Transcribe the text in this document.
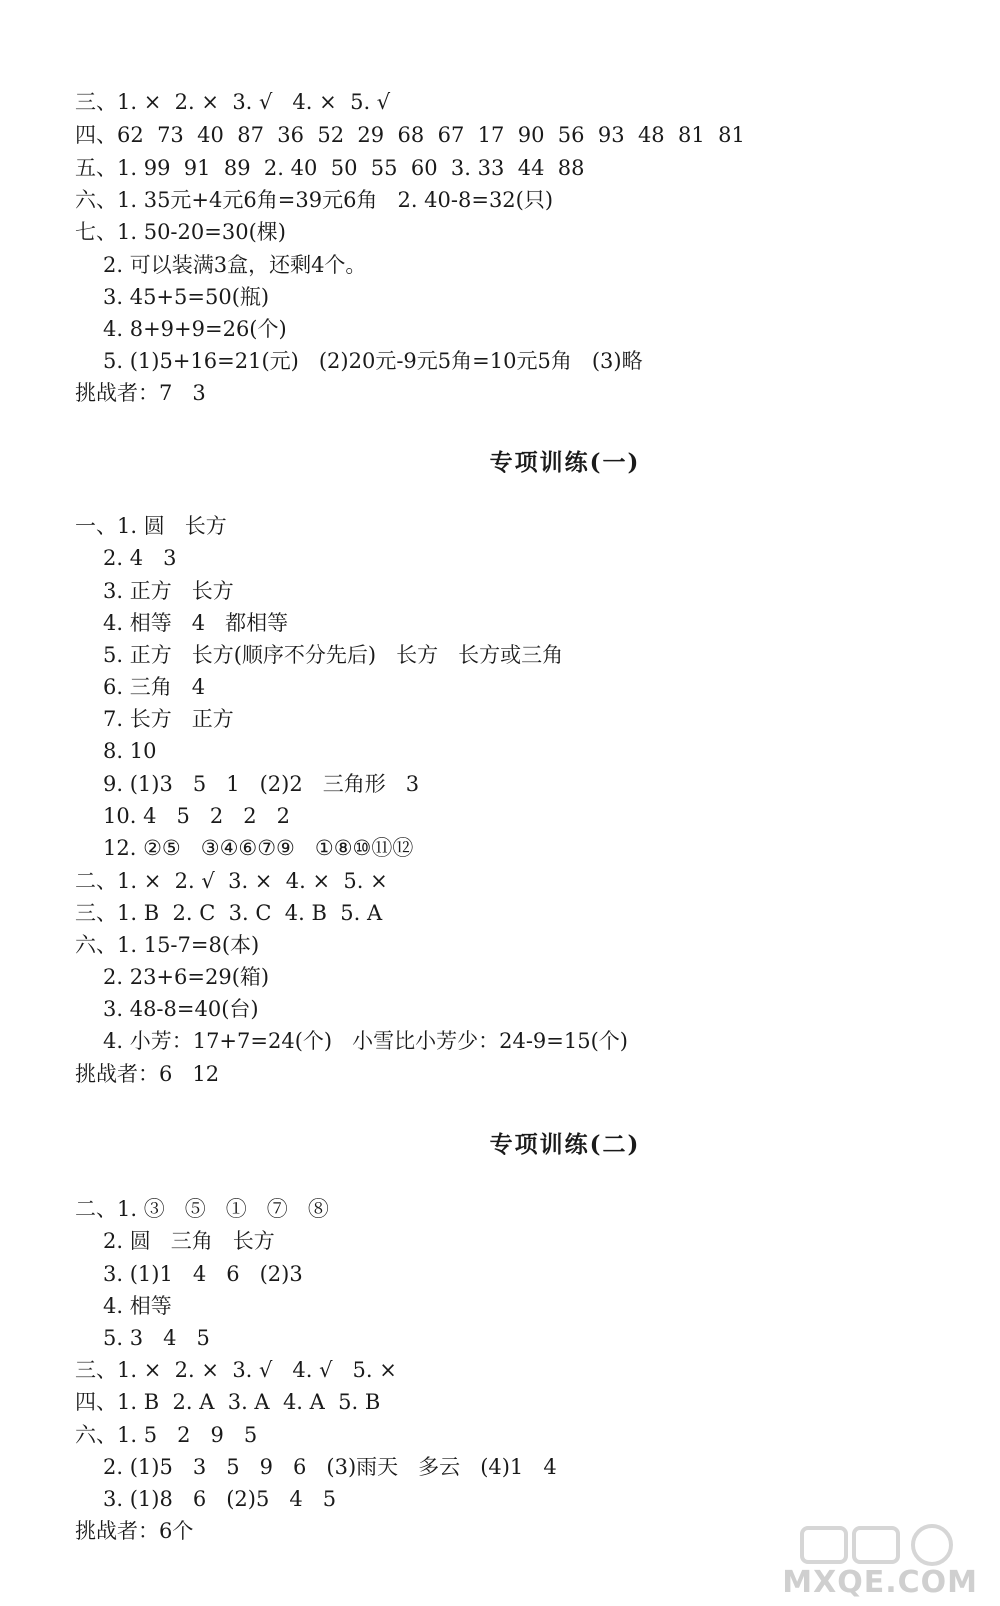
三、1. ×  2. ×  3. √   4. ×  5. √
四、62  73  40  87  36  52  29  68  67  17  90  56  93  48  81  81
五、1. 99  91  89  2. 40  50  55  60  3. 33  44  88
六、1. 35元+4元6角=39元6角   2. 40-8=32(只)
七、1. 50-20=30(棵)
2. 可以装满3盒，还剩4个。
3. 45+5=50(瓶)
4. 8+9+9=26(个)
5. (1)5+16=21(元)   (2)20元-9元5角=10元5角   (3)略
挑战者：7   3
专项训练(一)
一、1. 圆   长方
2. 4   3
3. 正方   长方
4. 相等   4   都相等
5. 正方   长方(顺序不分先后)   长方   长方或三角
6. 三角   4
7. 长方   正方
8. 10
9. (1)3   5   1   (2)2   三角形   3
10. 4   5   2   2   2
12. ②⑤   ③④⑥⑦⑨   ①⑧⑩⑪⑫
二、1. ×  2. √  3. ×  4. ×  5. ×
三、1. B  2. C  3. C  4. B  5. A
六、1. 15-7=8(本)
2. 23+6=29(箱)
3. 48-8=40(台)
4. 小芳：17+7=24(个)   小雪比小芳少：24-9=15(个)
挑战者：6   12
专项训练(二)
二、1. ③   ⑤   ①   ⑦   ⑧
2. 圆   三角   长方
3. (1)1   4   6   (2)3
4. 相等
5. 3   4   5
三、1. ×  2. ×  3. √   4. √   5. ×
四、1. B  2. A  3. A  4. A  5. B
六、1. 5   2   9   5
2. (1)5   3   5   9   6   (3)雨天   多云   (4)1   4
3. (1)8   6   (2)5   4   5
挑战者：6个
MXQE.COM
